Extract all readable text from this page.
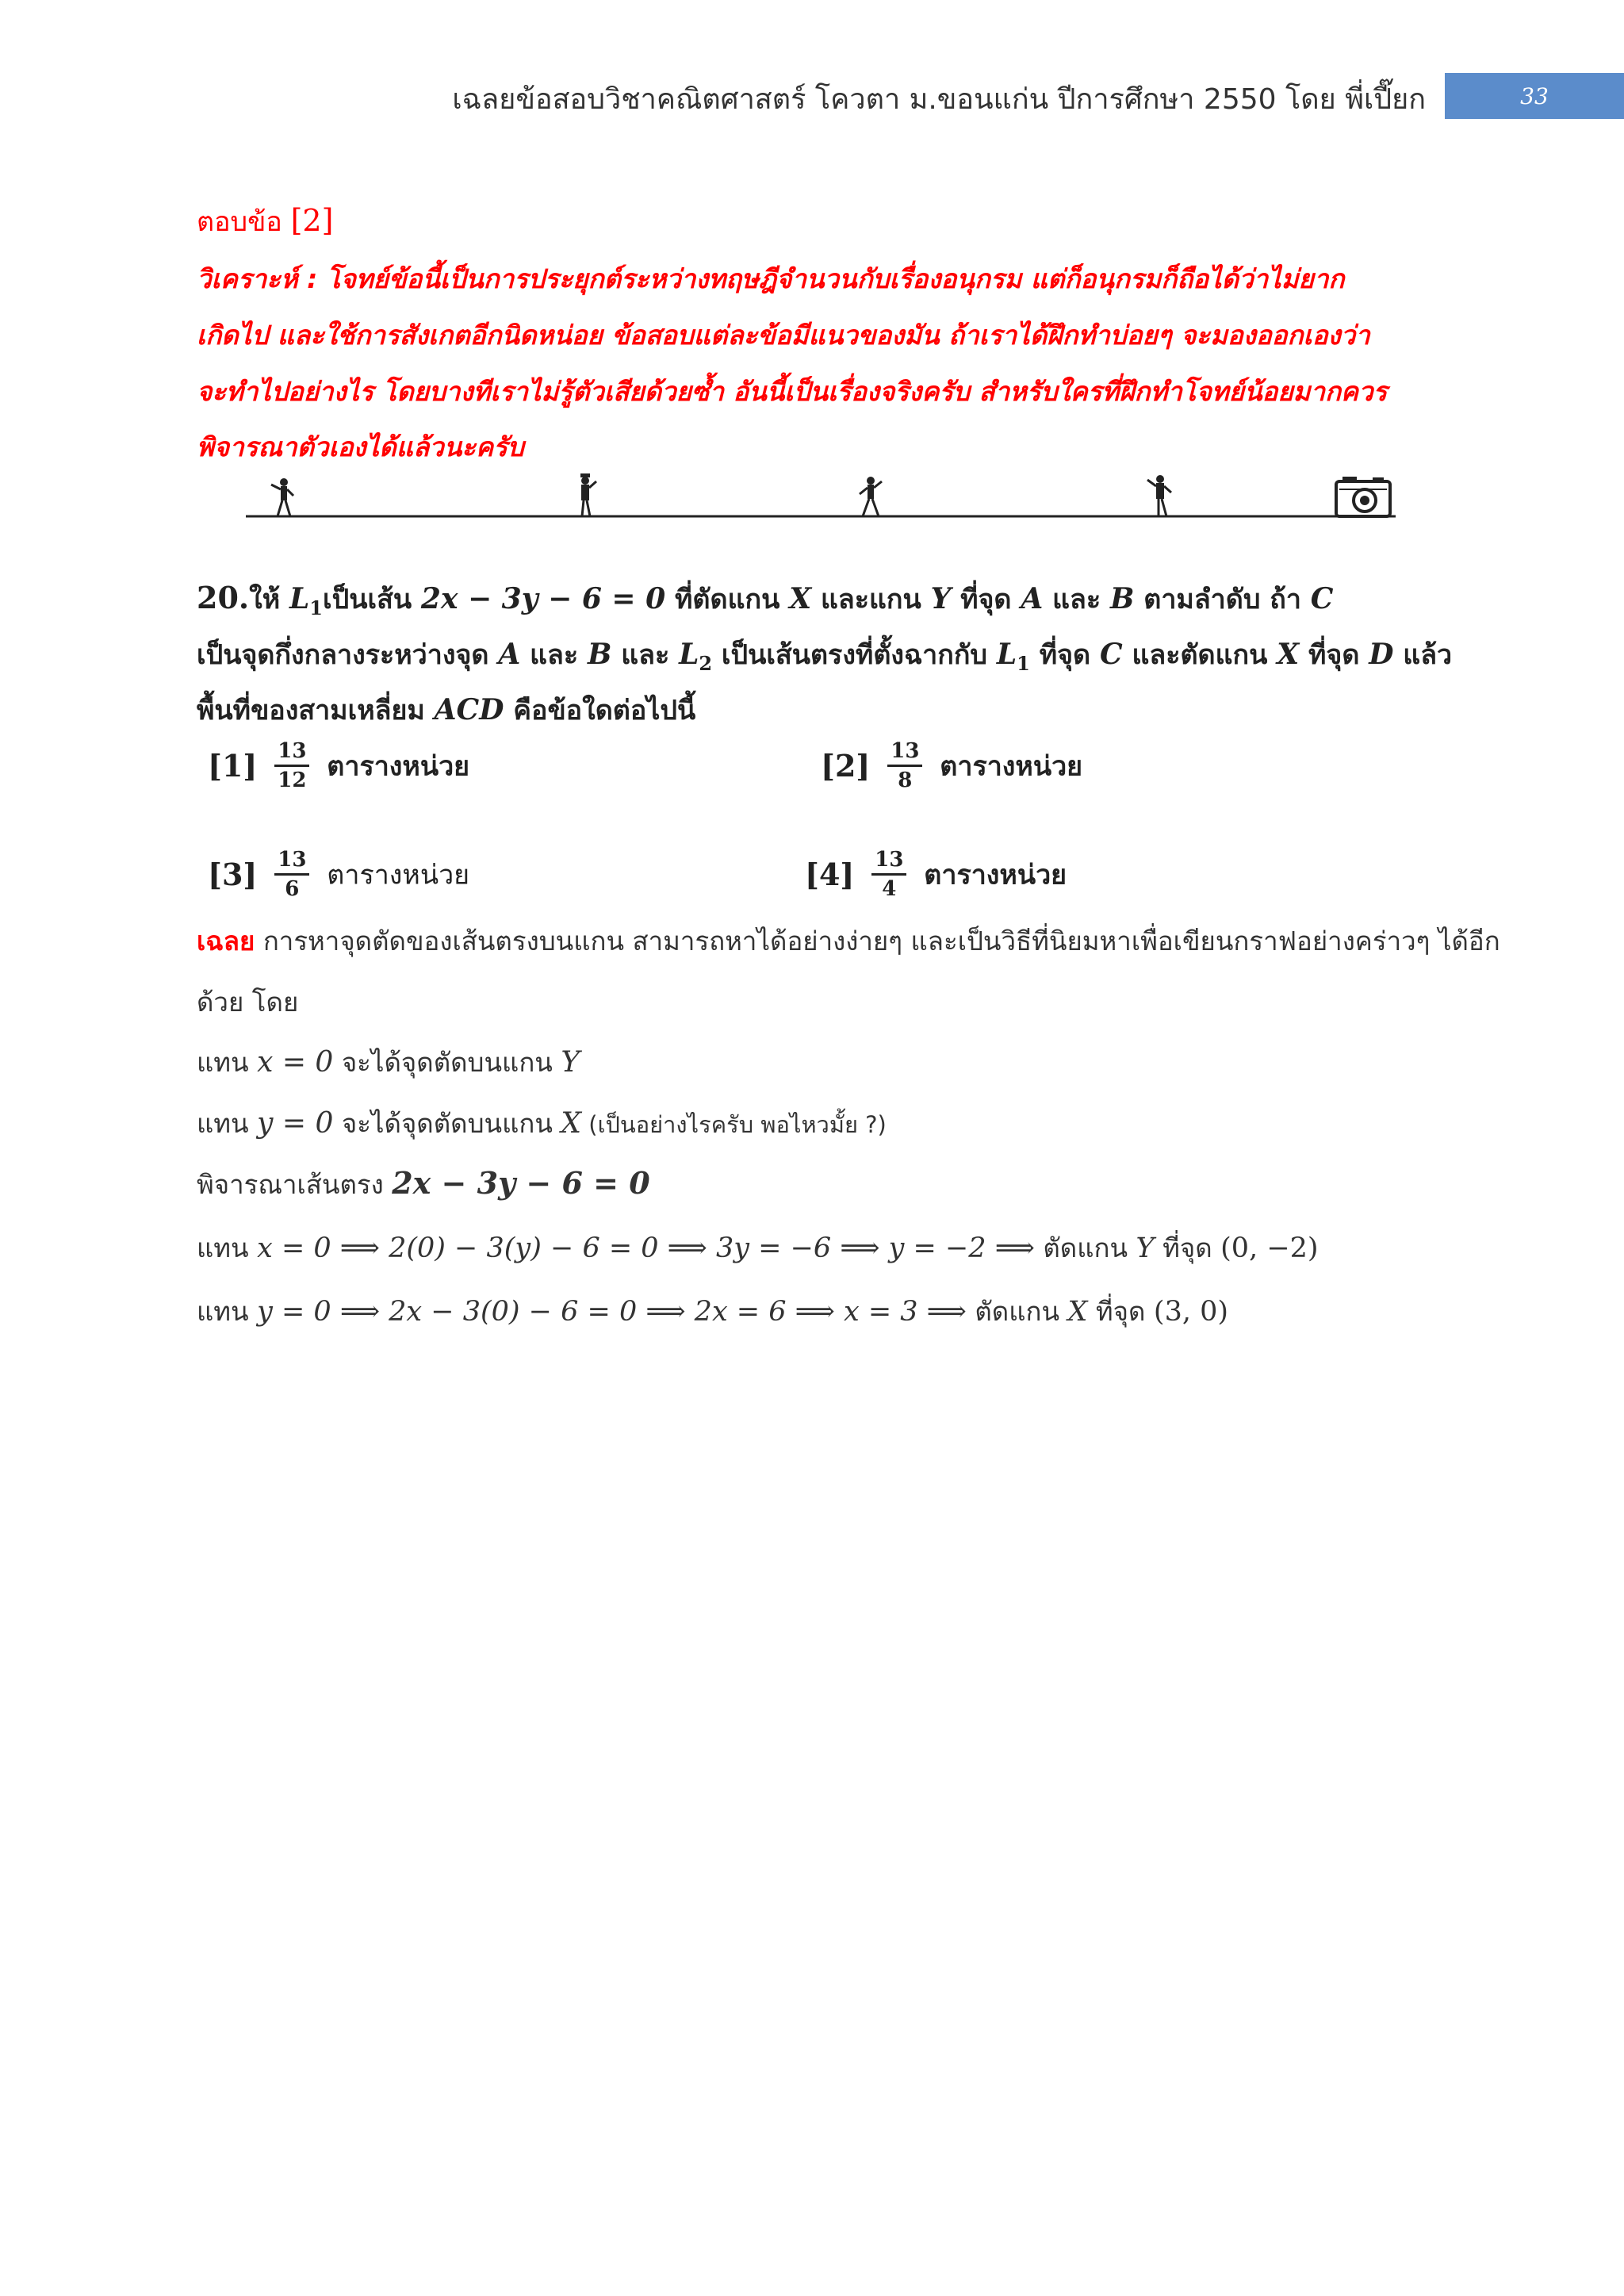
เฉลยข้อสอบวิชาคณิตศาสตร์ โควตา ม.ขอนแก่น ปีการศึกษา 2550 โดย พี่เปี๊ยก	33
ตอบข้อ [2]
วิเคราะห์ : โจทย์ข้อนี้เป็นการประยุกต์ระหว่างทฤษฎีจำนวนกับเรื่องอนุกรม แต่ก็อนุกรมก็ถือได้ว่าไม่ยาก
เกิดไป และใช้การสังเกตอีกนิดหน่อย ข้อสอบแต่ละข้อมีแนวของมัน ถ้าเราได้ฝึกทำบ่อยๆ จะมองออกเองว่า
จะทำไปอย่างไร โดยบางทีเราไม่รู้ตัวเสียด้วยซ้ำ อันนี้เป็นเรื่องจริงครับ สำหรับใครที่ฝึกทำโจทย์น้อยมากควร
พิจารณาตัวเองได้แล้วนะครับ
20.ให้ $L_1$เป็นเส้น 2x − 3y − 6 = 0 ที่ตัดแกน X และแกน Y ที่จุด A และ B ตามลำดับ ถ้า C
เป็นจุดกึ่งกลางระหว่างจุด A และ B และ $L_2$ เป็นเส้นตรงที่ตั้งฉากกับ $L_1$ ที่จุด C และตัดแกน X ที่จุด D แล้ว
พื้นที่ของสามเหลี่ยม ACD คือข้อใดต่อไปนี้
$[1] \frac{13}{12}$ ตารางหน่วย	$[2] \frac{13}{8}$ ตารางหน่วย
$[3] \frac{13}{6}$ ตารางหน่วย	$[4] \frac{13}{4}$ ตารางหน่วย
เฉลย การหาจุดตัดของเส้นตรงบนแกน สามารถหาได้อย่างง่ายๆ และเป็นวิธีที่นิยมหาเพื่อเขียนกราฟอย่างคร่าวๆ ได้อีก
ด้วย โดย
แทน x = 0 จะได้จุดตัดบนแกน Y
แทน y = 0 จะได้จุดตัดบนแกน X (เป็นอย่างไรครับ พอไหวมั้ย ?)
พิจารณาเส้นตรง 2x − 3y − 6 = 0
แทน x = 0 ⟹ 2(0) − 3(y) − 6 = 0 ⟹ 3y = −6 ⟹ y = −2 ⟹ ตัดแกน Y ที่จุด (0, −2)
แทน y = 0 ⟹ 2x − 3(0) − 6 = 0 ⟹ 2x = 6 ⟹ x = 3 ⟹ ตัดแกน X ที่จุด (3, 0)
